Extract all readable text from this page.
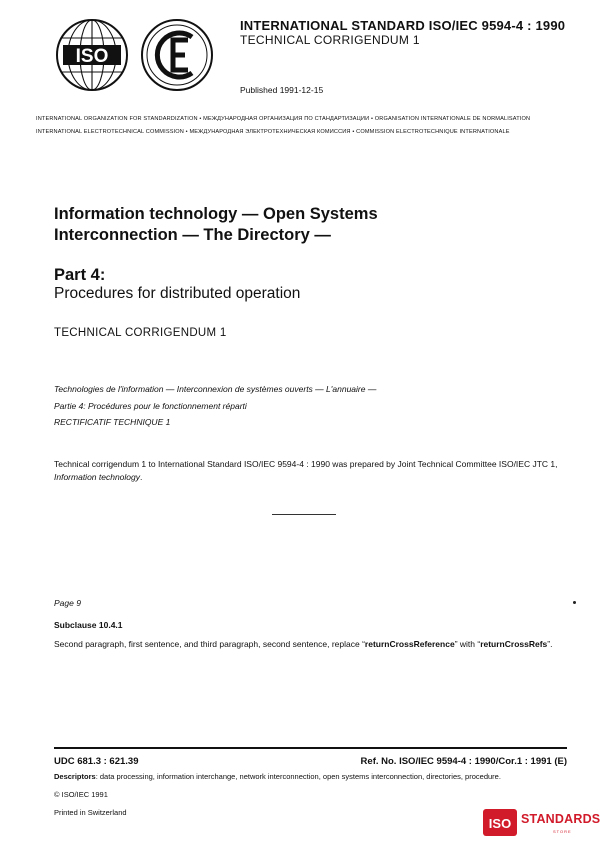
ISO
INTERNATIONAL STANDARD ISO/IEC 9594-4 : 1990
TECHNICAL CORRIGENDUM 1
Published 1991-12-15
INTERNATIONAL ORGANIZATION FOR STANDARDIZATION • МЕЖДУНАРОДНАЯ ОРГАНИЗАЦИЯ ПО СТАНДАРТИЗАЦИИ • ORGANISATION INTERNATIONALE DE NORMALISATION
INTERNATIONAL ELECTROTECHNICAL COMMISSION • МЕЖДУНАРОДНАЯ ЭЛЕКТРОТЕХНИЧЕСКАЯ КОМИССИЯ • COMMISSION ELECTROTECHNIQUE INTERNATIONALE
Information technology — Open Systems
Interconnection — The Directory —
Part 4:
Procedures for distributed operation
TECHNICAL CORRIGENDUM 1
Technologies de l'information — Interconnexion de systèmes ouverts — L'annuaire —
Partie 4: Procédures pour le fonctionnement réparti
RECTIFICATIF TECHNIQUE 1
Technical corrigendum 1 to International Standard ISO/IEC 9594-4 : 1990 was prepared by Joint Technical Committee ISO/IEC JTC 1, Information technology.
Page 9
Subclause 10.4.1
Second paragraph, first sentence, and third paragraph, second sentence, replace “returnCrossReference” with “returnCrossRefs”.
UDC 681.3 : 621.39	Ref. No. ISO/IEC 9594-4 : 1990/Cor.1 : 1991 (E)
Descriptors: data processing, information interchange, network interconnection, open systems interconnection, directories, procedure.
© ISO/IEC 1991
Printed in Switzerland
ISO STANDARDS
STORE
